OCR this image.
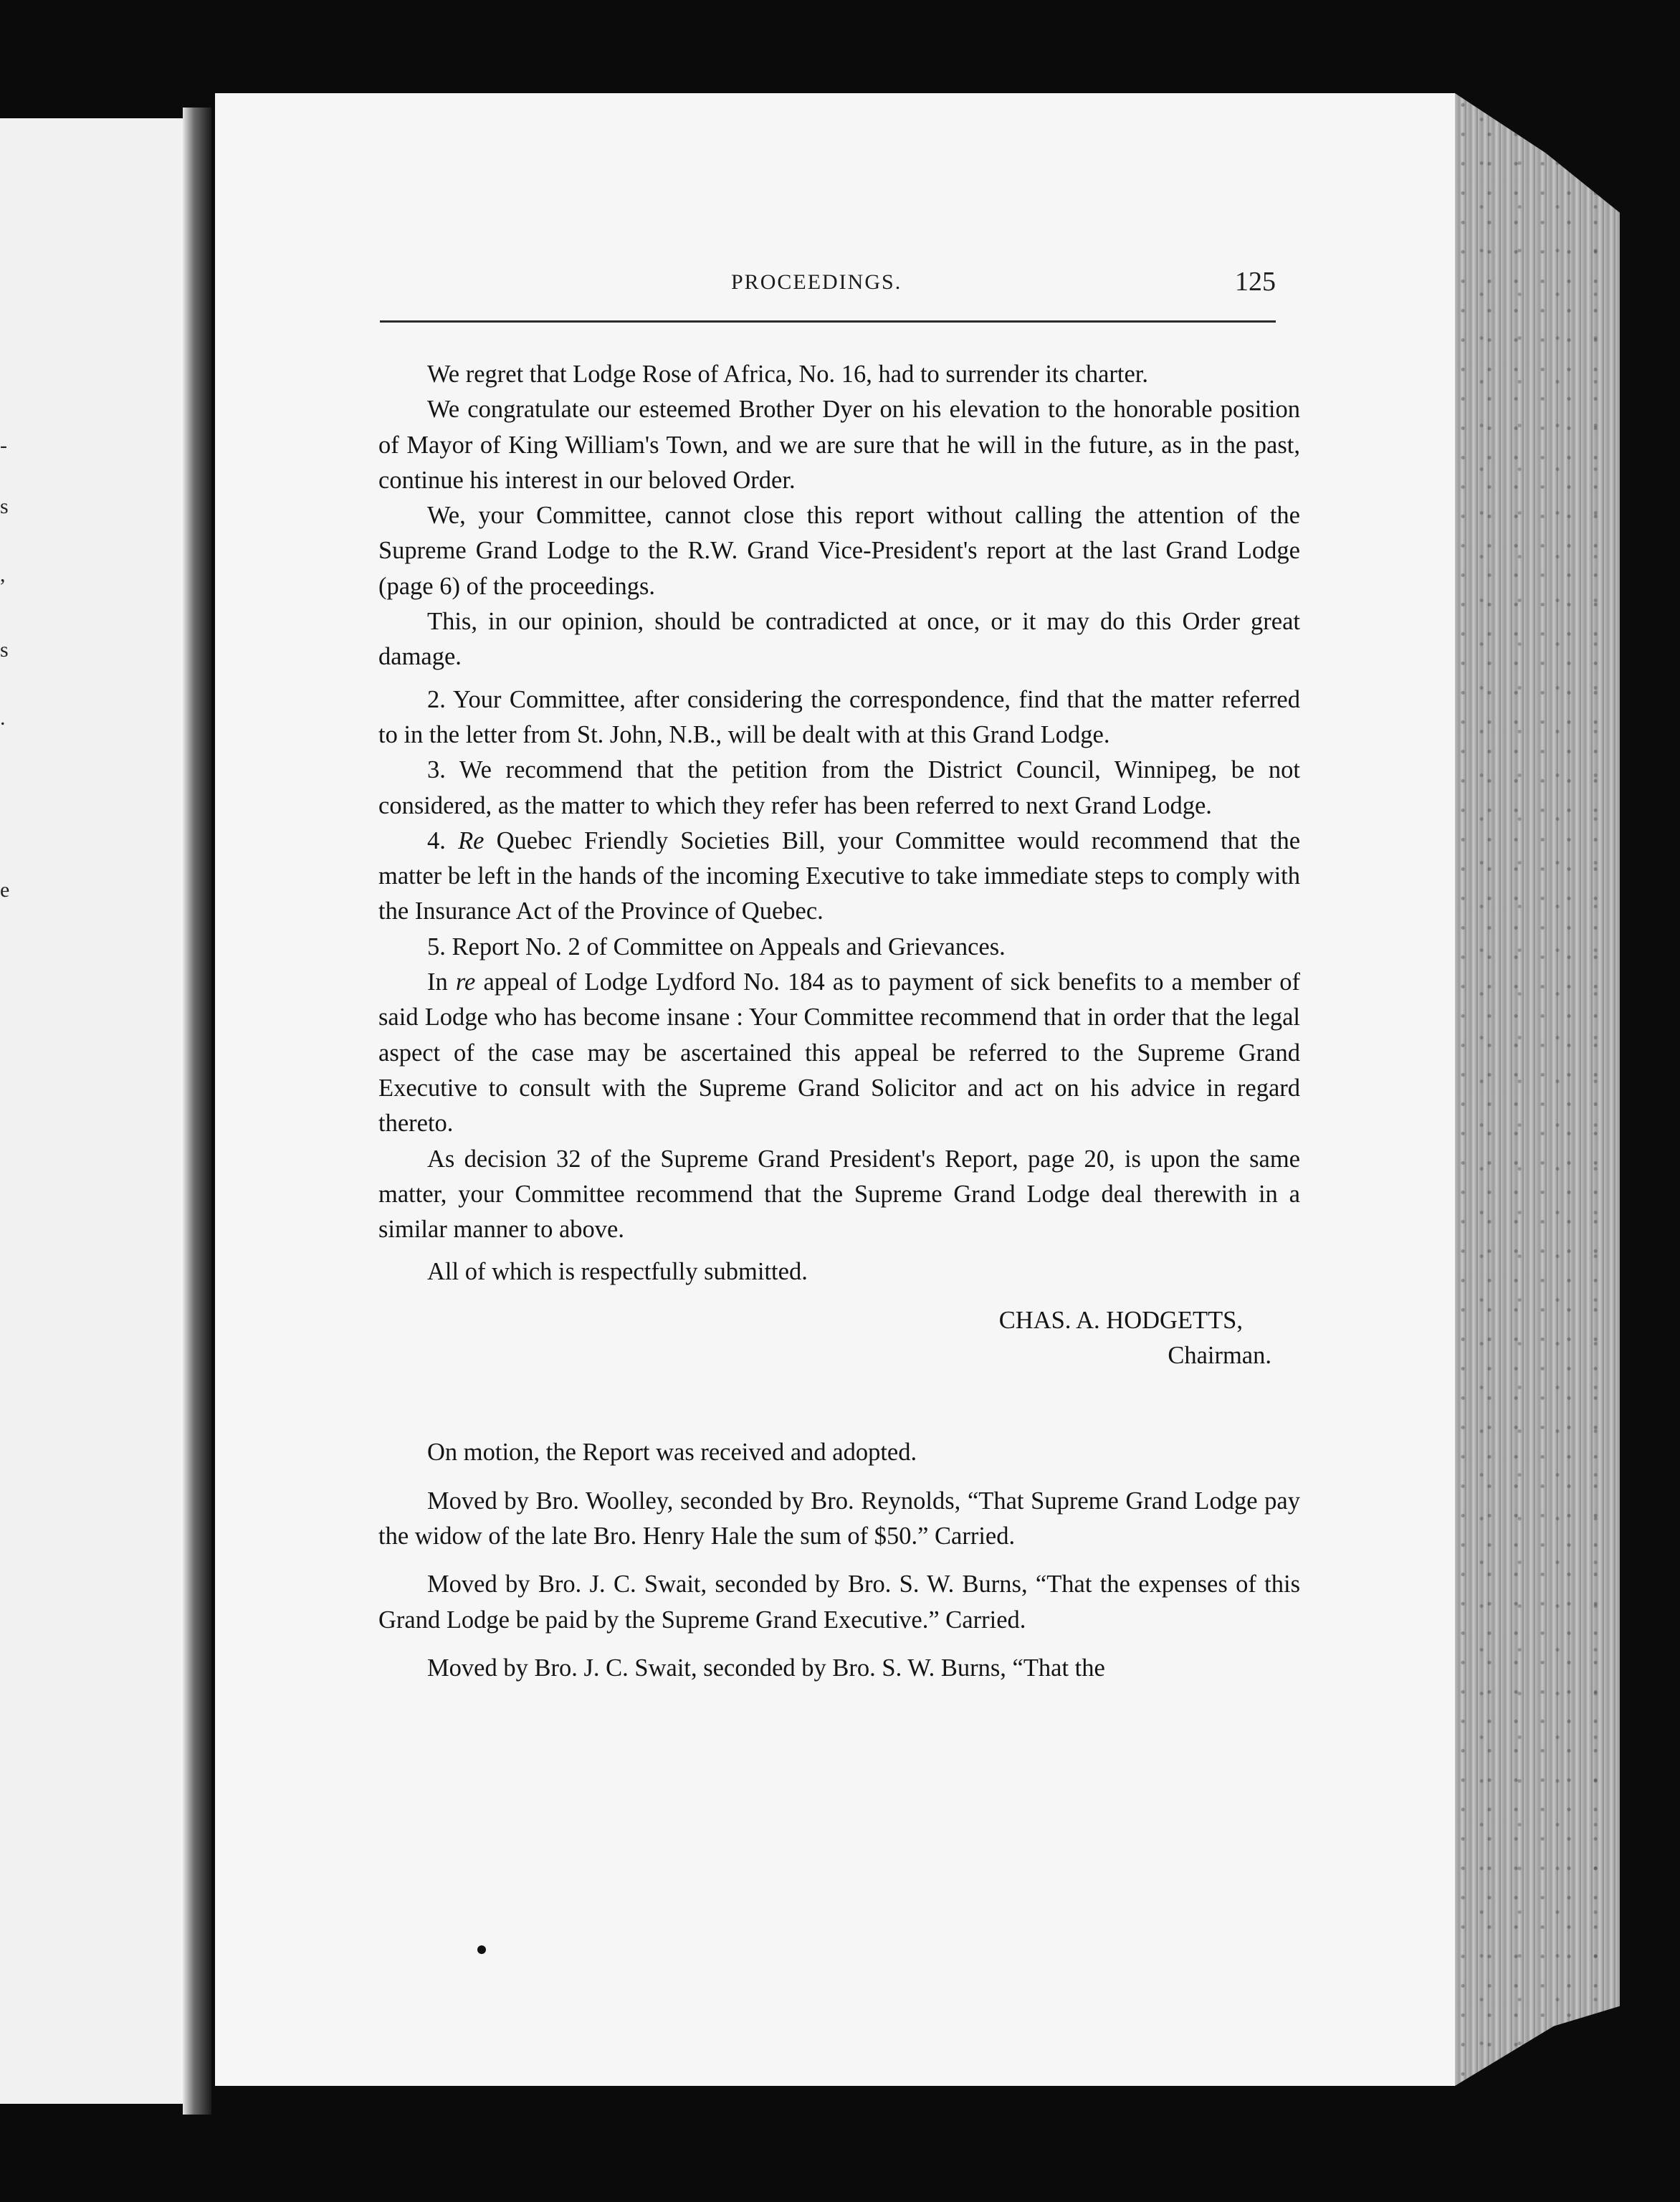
-
s
,
s
.
e
PROCEEDINGS.	125

We regret that Lodge Rose of Africa, No. 16, had to surrender its charter.

We congratulate our esteemed Brother Dyer on his elevation to the honorable position of Mayor of King William's Town, and we are sure that he will in the future, as in the past, continue his interest in our beloved Order.

We, your Committee, cannot close this report without calling the attention of the Supreme Grand Lodge to the R.W. Grand Vice-President's report at the last Grand Lodge (page 6) of the proceedings.

This, in our opinion, should be contradicted at once, or it may do this Order great damage.

2. Your Committee, after considering the correspondence, find that the matter referred to in the letter from St. John, N.B., will be dealt with at this Grand Lodge.

3. We recommend that the petition from the District Council, Winnipeg, be not considered, as the matter to which they refer has been referred to next Grand Lodge.

4. Re Quebec Friendly Societies Bill, your Committee would recommend that the matter be left in the hands of the incoming Executive to take immediate steps to comply with the Insurance Act of the Province of Quebec.

5. Report No. 2 of Committee on Appeals and Grievances.

In re appeal of Lodge Lydford No. 184 as to payment of sick benefits to a member of said Lodge who has become insane : Your Committee recommend that in order that the legal aspect of the case may be ascertained this appeal be referred to the Supreme Grand Executive to consult with the Supreme Grand Solicitor and act on his advice in regard thereto.

As decision 32 of the Supreme Grand President's Report, page 20, is upon the same matter, your Committee recommend that the Supreme Grand Lodge deal therewith in a similar manner to above.

All of which is respectfully submitted.

CHAS. A. HODGETTS,

Chairman.

On motion, the Report was received and adopted.

Moved by Bro. Woolley, seconded by Bro. Reynolds, “That Supreme Grand Lodge pay the widow of the late Bro. Henry Hale the sum of $50.” Carried.

Moved by Bro. J. C. Swait, seconded by Bro. S. W. Burns, “That the expenses of this Grand Lodge be paid by the Supreme Grand Executive.” Carried.

Moved by Bro. J. C. Swait, seconded by Bro. S. W. Burns, “That the
